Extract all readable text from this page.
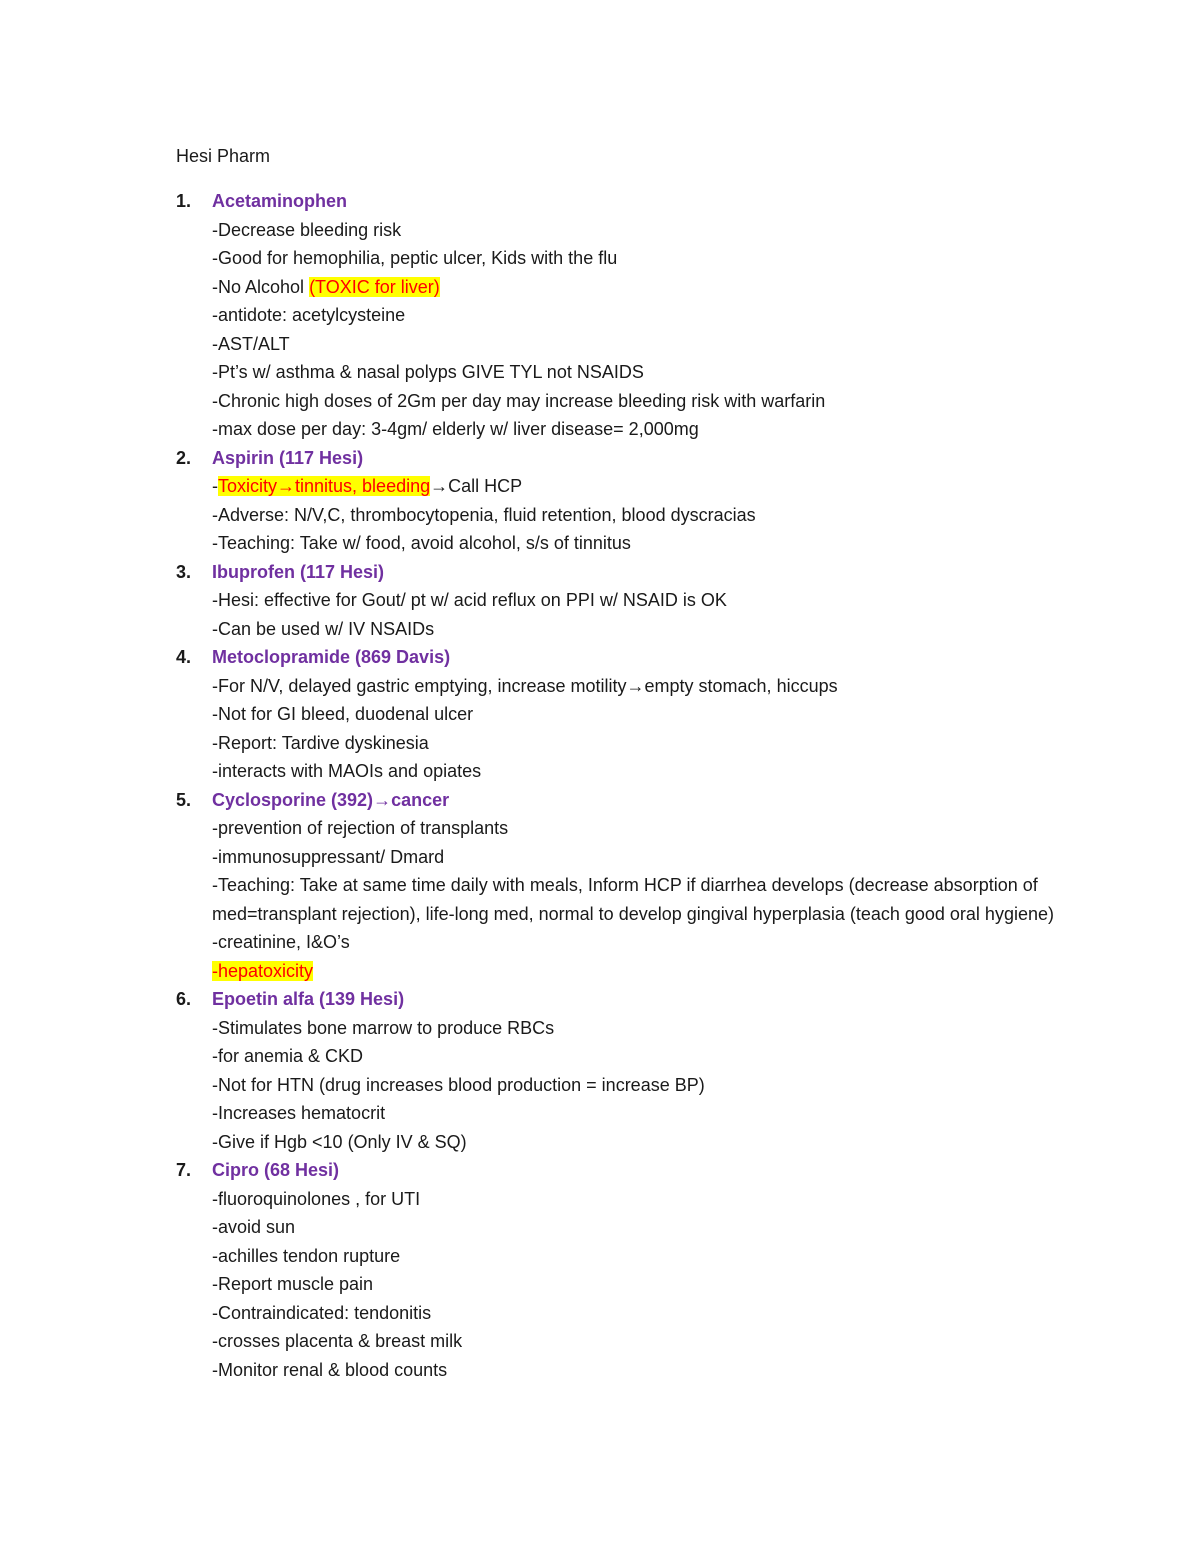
Hesi Pharm
1.	Acetaminophen
-Decrease bleeding risk
-Good for hemophilia, peptic ulcer, Kids with the flu
-No Alcohol (TOXIC for liver)
-antidote: acetylcysteine
-AST/ALT
-Pt’s w/ asthma & nasal polyps GIVE TYL not NSAIDS
-Chronic high doses of 2Gm per day may increase bleeding risk with warfarin
-max dose per day: 3-4gm/ elderly w/ liver disease= 2,000mg
2.	Aspirin (117 Hesi)
-Toxicity→tinnitus, bleeding→Call HCP
-Adverse: N/V,C, thrombocytopenia, fluid retention, blood dyscracias
-Teaching: Take w/ food, avoid alcohol, s/s of tinnitus
3.	Ibuprofen (117 Hesi)
-Hesi: effective for Gout/ pt w/ acid reflux on PPI w/ NSAID is OK
-Can be used w/ IV NSAIDs
4.	Metoclopramide (869 Davis)
-For N/V, delayed gastric emptying, increase motility→empty stomach, hiccups
-Not for GI bleed, duodenal ulcer
-Report: Tardive dyskinesia
-interacts with MAOIs and opiates
5.	Cyclosporine (392)→cancer
-prevention of rejection of transplants
-immunosuppressant/ Dmard
-Teaching: Take at same time daily with meals, Inform HCP if diarrhea develops (decrease absorption of med=transplant rejection), life-long med, normal to develop gingival hyperplasia (teach good oral hygiene)
-creatinine, I&O’s
-hepatoxicity
6.	Epoetin alfa (139 Hesi)
-Stimulates bone marrow to produce RBCs
-for anemia & CKD
-Not for HTN (drug increases blood production = increase BP)
-Increases hematocrit
-Give if Hgb <10 (Only IV & SQ)
7.	Cipro (68 Hesi)
-fluoroquinolones , for UTI
-avoid sun
-achilles tendon rupture
-Report muscle pain
-Contraindicated: tendonitis
-crosses placenta & breast milk
-Monitor renal & blood counts
